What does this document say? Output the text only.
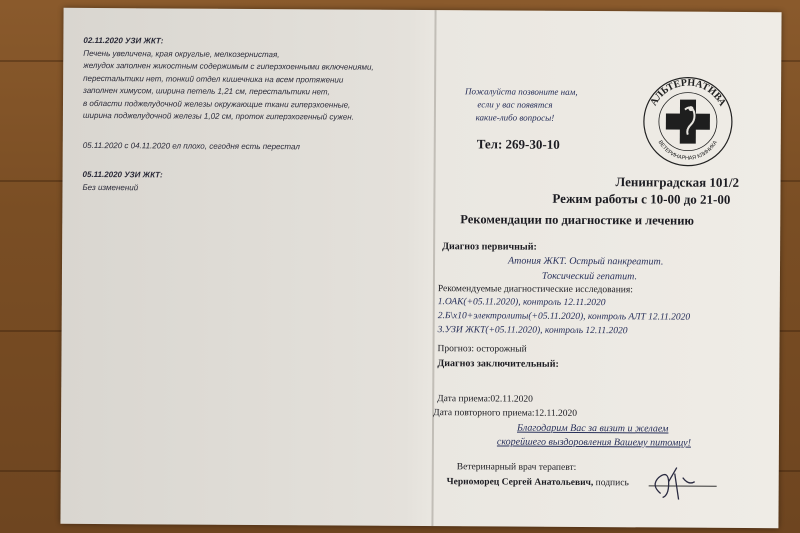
02.11.2020 УЗИ ЖКТ:
Печень увеличена, края округлые, мелкозернистая,
желудок заполнен жикостным содержимым с гиперэхоенными включениями,
перестальтики нет, тонкий отдел кишечника на всем протяжении
заполнен химусом, ширина петель 1,21 см, перестальтики нет,
в области поджелудочной железы окружающие ткани гиперэхоенные,
ширина поджелудочной железы 1,02 см, проток гиперэхогенный сужен.
05.11.2020 с 04.11.2020 ел плохо, сегодня есть перестал
05.11.2020 УЗИ ЖКТ:
Без изменений
Пожалуйста позвоните нам,
если у вас появятся
какие-либо вопросы!
Тел: 269-30-10
АЛЬТЕРНАТИВА
ВЕТЕРИНАРНАЯ КЛИНИКА
Ленинградская 101/2
Режим работы с 10-00 до 21-00
Рекомендации по диагностике и лечению
Диагноз первичный:
Атония ЖКТ. Острый панкреатит.
Токсический гепатит.
Рекомендуемые диагностические исследования:
1.ОАК(+05.11.2020), контроль 12.11.2020
2.Б\х10+электролиты(+05.11.2020), контроль АЛТ 12.11.2020
3.УЗИ ЖКТ(+05.11.2020), контроль 12.11.2020
Прогноз: осторожный
Диагноз заключительный:
Дата приема:02.11.2020
Дата повторного приема:12.11.2020
Благодарим Вас за визит и желаем
скорейшего выздоровления Вашему питомцу!
Ветеринарный врач терапевт:
Черноморец Сергей Анатольевич, подпись
